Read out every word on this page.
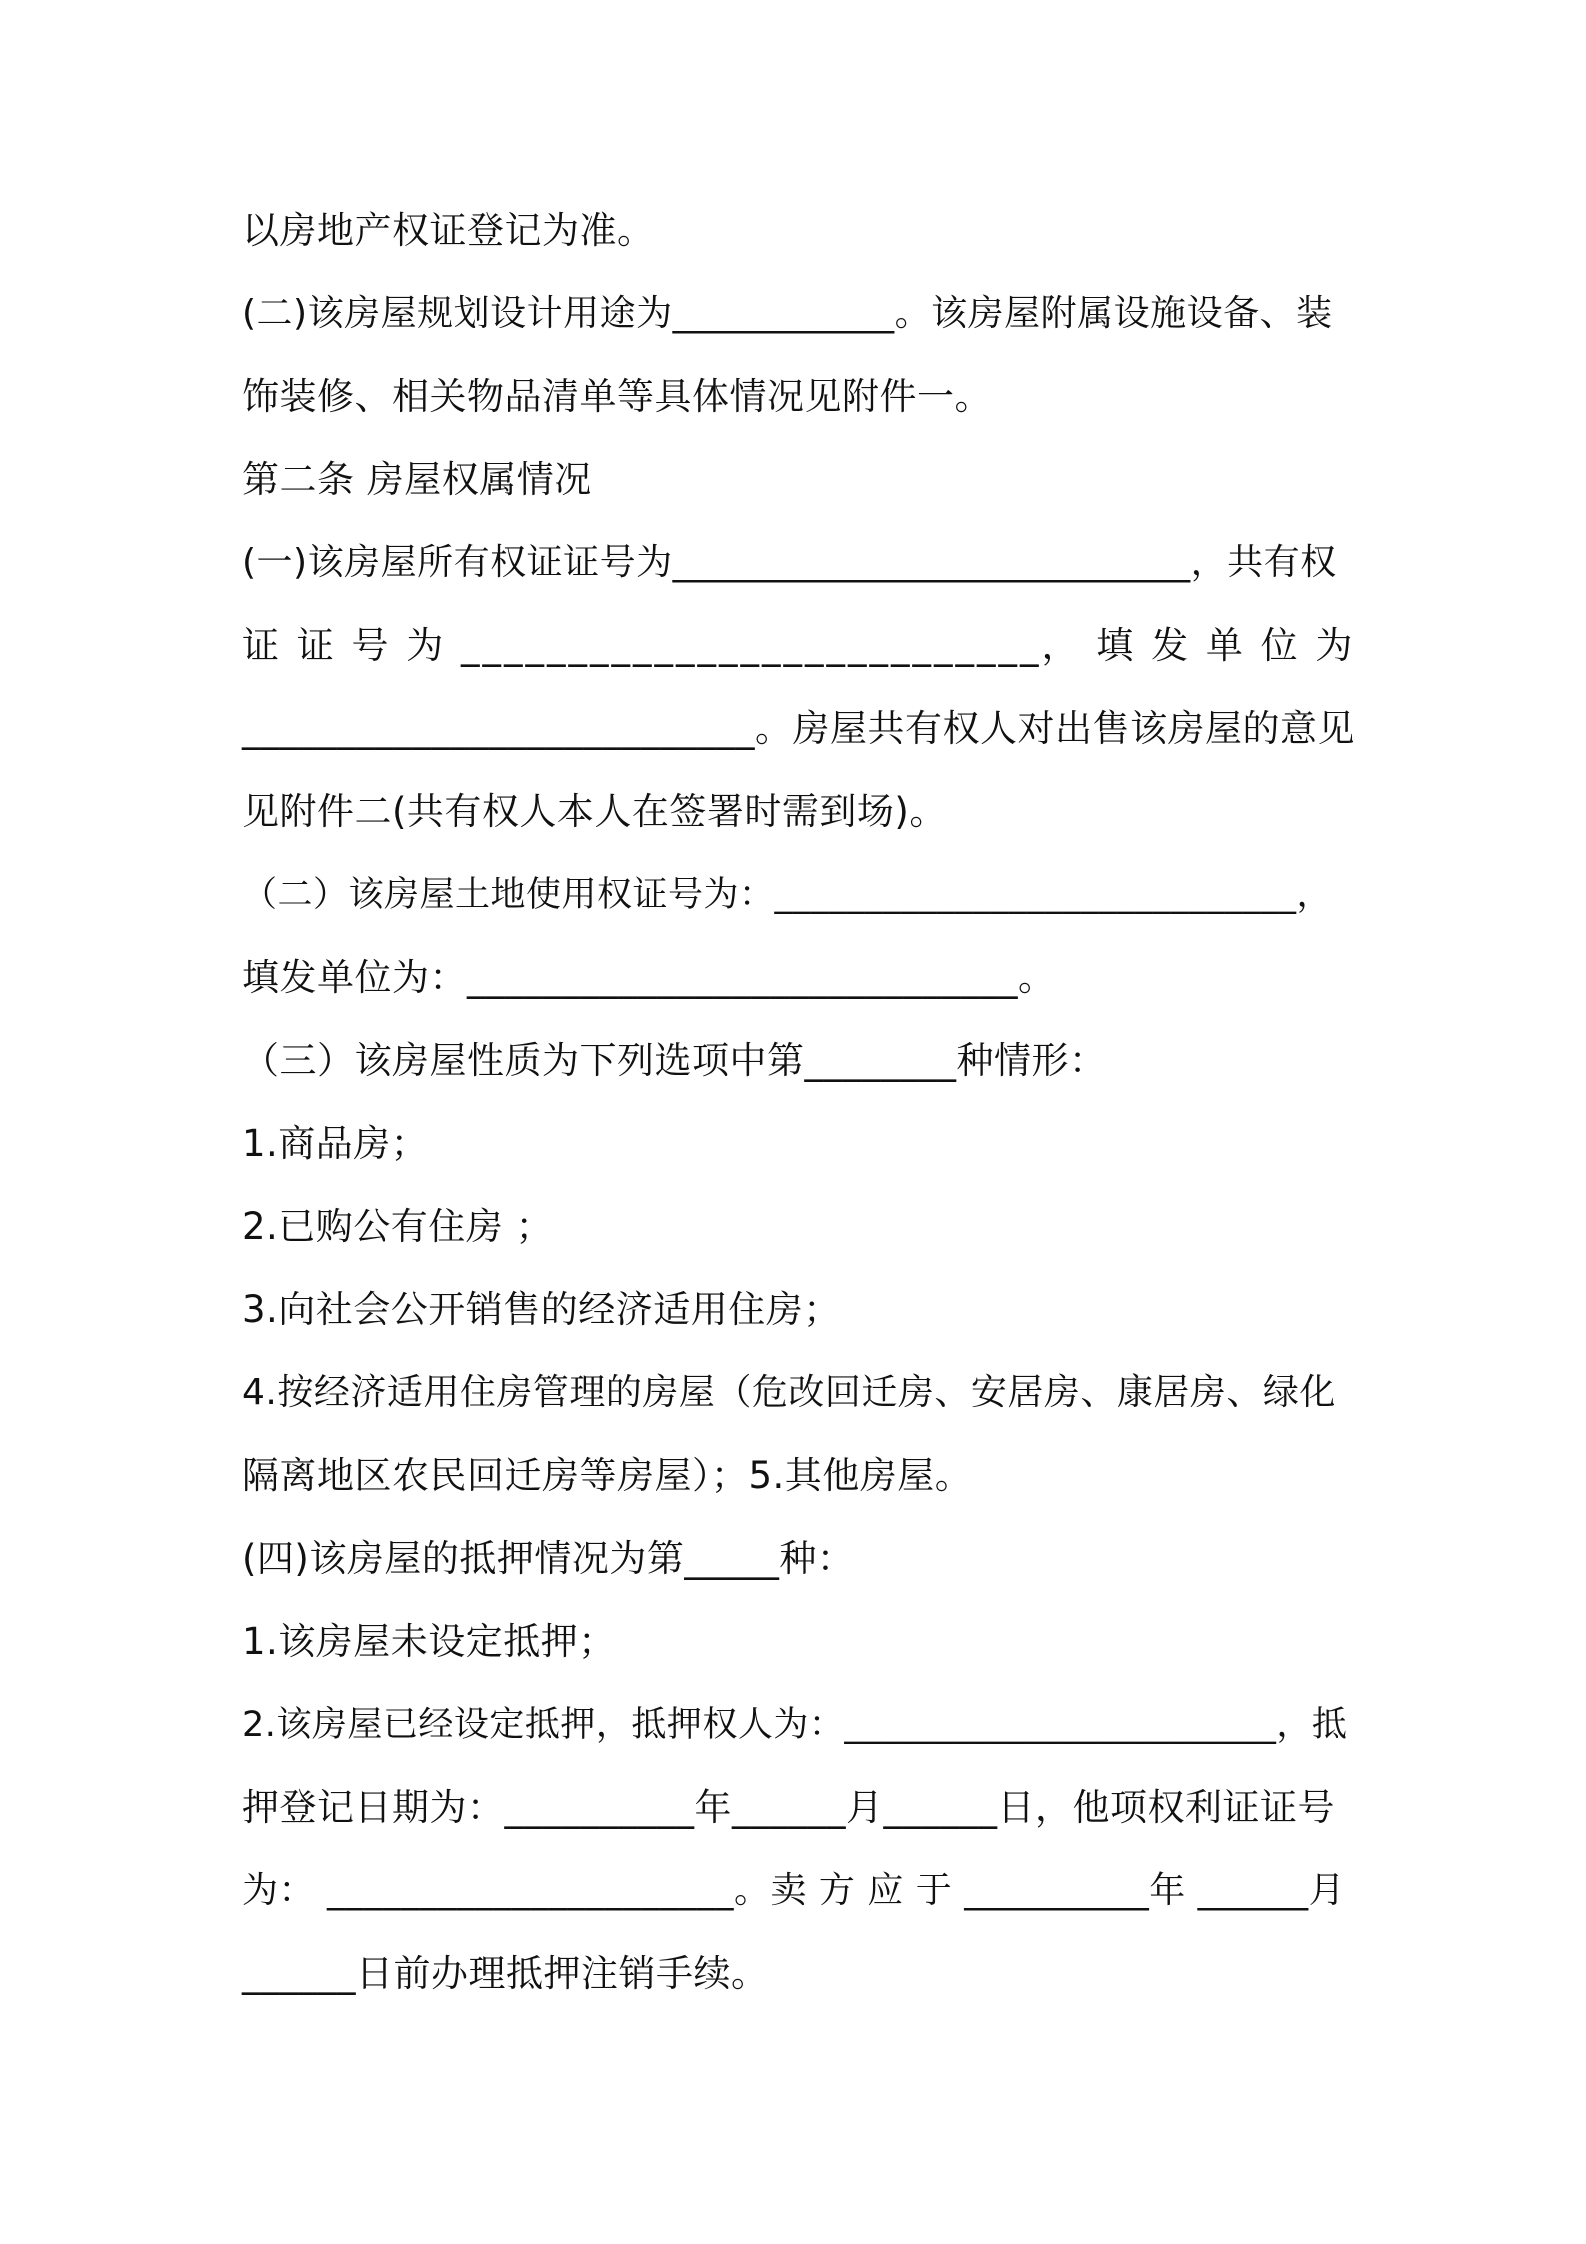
以房地产权证登记为准。
(二)该房屋规划设计用途为____________。该房屋附属设施设备、装
饰装修、相关物品清单等具体情况见附件一。
第二条 房屋权属情况
(一)该房屋所有权证证号为____________________________，共有权
证 证 号 为 ___________________________， 填 发 单 位 为
___________________________。房屋共有权人对出售该房屋的意见
见附件二(共有权人本人在签署时需到场)。
（二）该房屋土地使用权证号为：_____________________________，
填发单位为：_____________________________。
（三）该房屋性质为下列选项中第________种情形：
1.商品房；
2.已购公有住房 ；
3.向社会公开销售的经济适用住房；
4.按经济适用住房管理的房屋（危改回迁房、安居房、康居房、绿化
隔离地区农民回迁房等房屋）；5.其他房屋。
(四)该房屋的抵押情况为第_____种：
1.该房屋未设定抵押；
2.该房屋已经设定抵押，抵押权人为：________________________，抵
押登记日期为：__________年______月______日，他项权利证证号
为： ______________________。卖 方 应 于 __________年 ______月
______日前办理抵押注销手续。
